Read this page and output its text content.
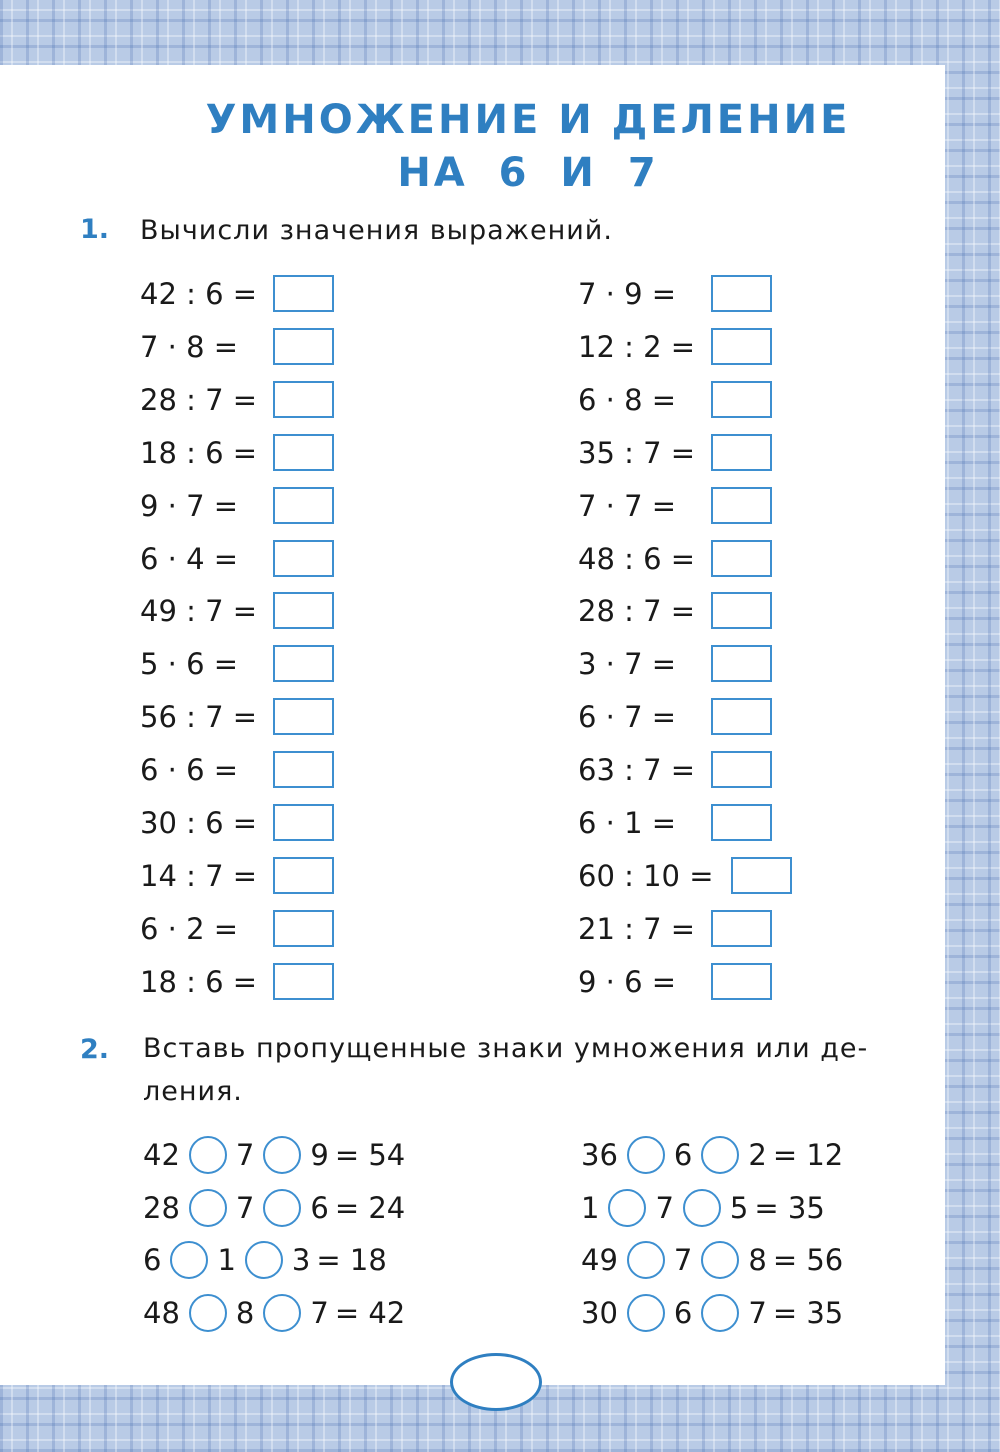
УМНОЖЕНИЕ И ДЕЛЕНИЕ
НА 6 И 7
1. Вычисли значения выражений.
42 : 6 =
7 · 8 =
28 : 7 =
18 : 6 =
9 · 7 =
6 · 4 =
49 : 7 =
5 · 6 =
56 : 7 =
6 · 6 =
30 : 6 =
14 : 7 =
6 · 2 =
18 : 6 =
7 · 9 =
12 : 2 =
6 · 8 =
35 : 7 =
7 · 7 =
48 : 6 =
28 : 7 =
3 · 7 =
6 · 7 =
63 : 7 =
6 · 1 =
60 : 10 =
21 : 7 =
9 · 6 =
2. Вставь пропущенные знаки умножения или де-
ления.
42 7 9 = 54
28 7 6 = 24
6 1 3 = 18
48 8 7 = 42
36 6 2 = 12
1 7 5 = 35
49 7 8 = 56
30 6 7 = 35
